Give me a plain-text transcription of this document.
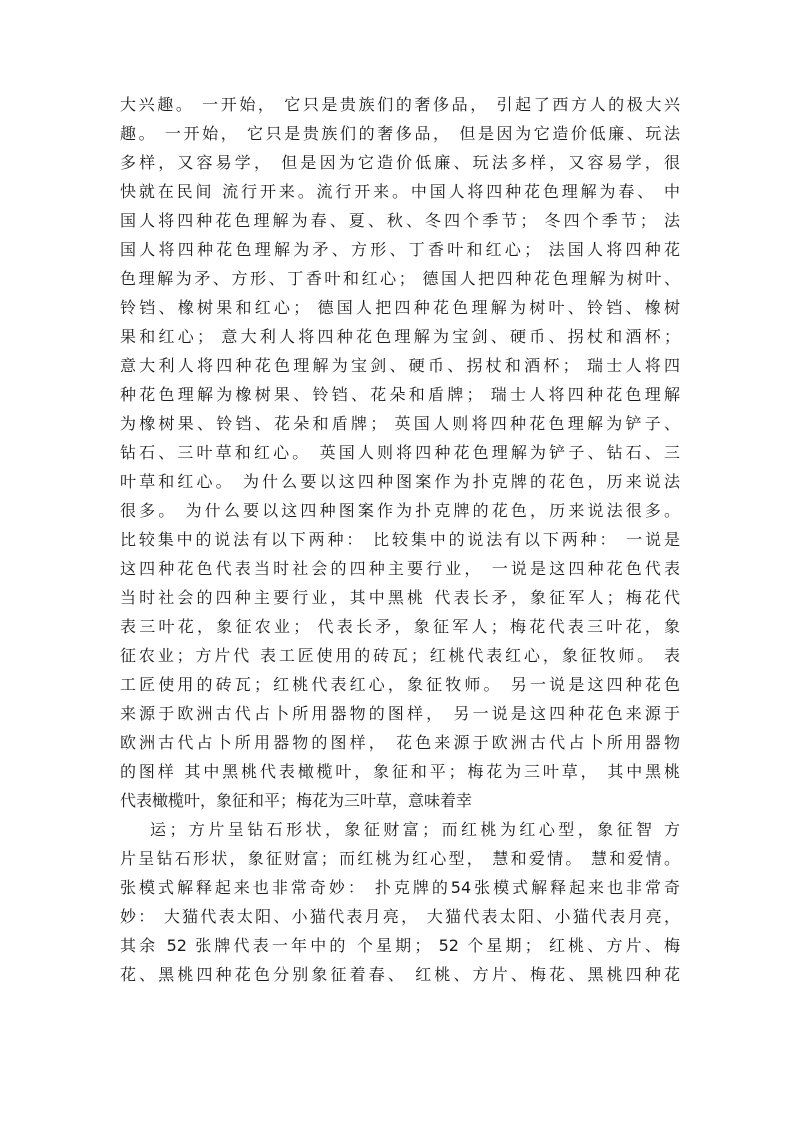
大兴趣。 一开始， 它只是贵族们的奢侈品， 引起了西方人的极大兴
趣。 一开始， 它只是贵族们的奢侈品， 但是因为它造价低廉、玩法
多样，又容易学， 但是因为它造价低廉、玩法多样，又容易学，很
快就在民间 流行开来。流行开来。中国人将四种花色理解为春、 中
国人将四种花色理解为春、夏、秋、冬四个季节； 冬四个季节； 法
国人将四种花色理解为矛、方形、丁香叶和红心； 法国人将四种花
色理解为矛、方形、丁香叶和红心； 德国人把四种花色理解为树叶、
铃铛、橡树果和红心； 德国人把四种花色理解为树叶、铃铛、橡树
果和红心； 意大利人将四种花色理解为宝剑、硬币、拐杖和酒杯；
意大利人将四种花色理解为宝剑、硬币、拐杖和酒杯； 瑞士人将四
种花色理解为橡树果、铃铛、花朵和盾牌； 瑞士人将四种花色理解
为橡树果、铃铛、花朵和盾牌； 英国人则将四种花色理解为铲子、
钻石、三叶草和红心。 英国人则将四种花色理解为铲子、钻石、三
叶草和红心。 为什么要以这四种图案作为扑克牌的花色，历来说法
很多。 为什么要以这四种图案作为扑克牌的花色，历来说法很多。
比较集中的说法有以下两种： 比较集中的说法有以下两种： 一说是
这四种花色代表当时社会的四种主要行业， 一说是这四种花色代表
当时社会的四种主要行业，其中黑桃 代表长矛，象征军人；梅花代
表三叶花，象征农业； 代表长矛，象征军人；梅花代表三叶花，象
征农业；方片代 表工匠使用的砖瓦；红桃代表红心，象征牧师。 表
工匠使用的砖瓦；红桃代表红心，象征牧师。 另一说是这四种花色
来源于欧洲古代占卜所用器物的图样， 另一说是这四种花色来源于
欧洲古代占卜所用器物的图样， 花色来源于欧洲古代占卜所用器物
的图样 其中黑桃代表橄榄叶，象征和平；梅花为三叶草， 其中黑桃
代表橄榄叶，象征和平；梅花为三叶草，意味着幸
运；方片呈钻石形状，象征财富；而红桃为红心型，象征智 方
片呈钻石形状，象征财富；而红桃为红心型， 慧和爱情。 慧和爱情。
张模式解释起来也非常奇妙： 扑克牌的54张模式解释起来也非常奇
妙： 大猫代表太阳、小猫代表月亮， 大猫代表太阳、小猫代表月亮，
其余 52 张牌代表一年中的 个星期； 52 个星期； 红桃、方片、梅
花、黑桃四种花色分别象征着春、 红桃、方片、梅花、黑桃四种花
